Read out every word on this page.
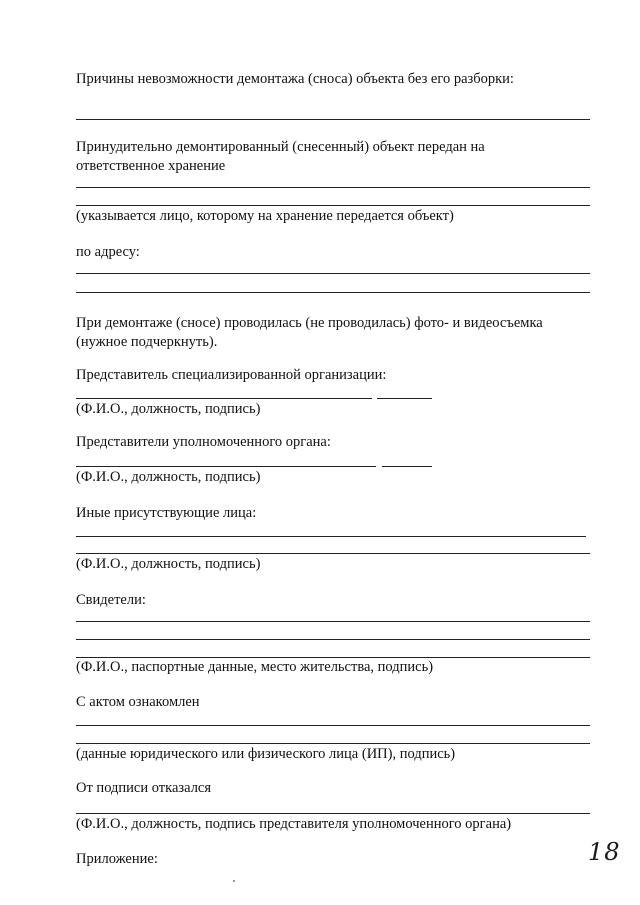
Причины невозможности демонтажа (сноса) объекта без его разборки:
Принудительно демонтированный (снесенный) объект передан на
ответственное хранение
(указывается лицо, которому на хранение передается объект)
по адресу:
При демонтаже (сносе) проводилась (не проводилась) фото- и видеосъемка
(нужное подчеркнуть).
Представитель специализированной организации:
(Ф.И.О., должность, подпись)
Представители уполномоченного органа:
(Ф.И.О., должность, подпись)
Иные присутствующие лица:
(Ф.И.О., должность, подпись)
Свидетели:
(Ф.И.О., паспортные данные, место жительства, подпись)
С актом ознакомлен
(данные юридического или физического лица (ИП), подпись)
От подписи отказался
(Ф.И.О., должность, подпись представителя уполномоченного органа)
Приложение:	18
